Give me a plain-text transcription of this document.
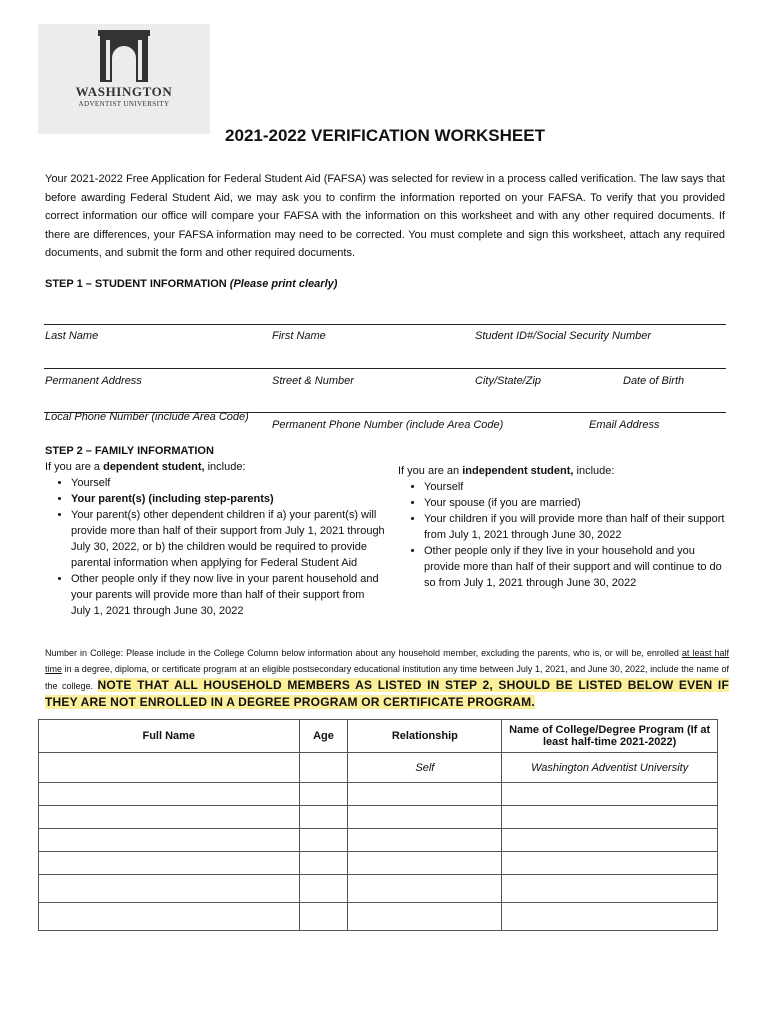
WASHINGTON
ADVENTIST UNIVERSITY
2021-2022 VERIFICATION WORKSHEET
Your 2021-2022 Free Application for Federal Student Aid (FAFSA) was selected for review in a process called verification. The law says that before awarding Federal Student Aid, we may ask you to confirm the information reported on your FAFSA. To verify that you provided correct information our office will compare your FAFSA with the information on this worksheet and with any other required documents. If there are differences, your FAFSA information may need to be corrected. You must complete and sign this worksheet, attach any required documents, and submit the form and other required documents.
STEP 1 – STUDENT INFORMATION (Please print clearly)
Last Name	First Name	Student ID#/Social Security Number
Permanent Address	Street & Number	City/State/Zip	Date of Birth
Local Phone Number (include Area Code)
Permanent Phone Number (include Area Code)	Email Address
STEP 2 – FAMILY INFORMATION
If you are a dependent student, include:
• Yourself
• Your parent(s) (including step-parents)
• Your parent(s) other dependent children if a) your parent(s) will provide more than half of their support from July 1, 2021 through July 30, 2022, or b) the children would be required to provide parental information when applying for Federal Student Aid
• Other people only if they now live in your parent household and your parents will provide more than half of their support from July 1, 2021 through June 30, 2022
If you are an independent student, include:
• Yourself
• Your spouse (if you are married)
• Your children if you will provide more than half of their support from July 1, 2021 through June 30, 2022
• Other people only if they live in your household and you provide more than half of their support and will continue to do so from July 1, 2021 through June 30, 2022
Number in College: Please include in the College Column below information about any household member, excluding the parents, who is, or will be, enrolled at least half time in a degree, diploma, or certificate program at an eligible postsecondary educational institution any time between July 1, 2021, and June 30, 2022, include the name of the college. NOTE THAT ALL HOUSEHOLD MEMBERS AS LISTED IN STEP 2, SHOULD BE LISTED BELOW EVEN IF THEY ARE NOT ENROLLED IN A DEGREE PROGRAM OR CERTIFICATE PROGRAM.
Full Name	Age	Relationship	Name of College/Degree Program (If at least half-time 2021-2022)
		Self	Washington Adventist University
